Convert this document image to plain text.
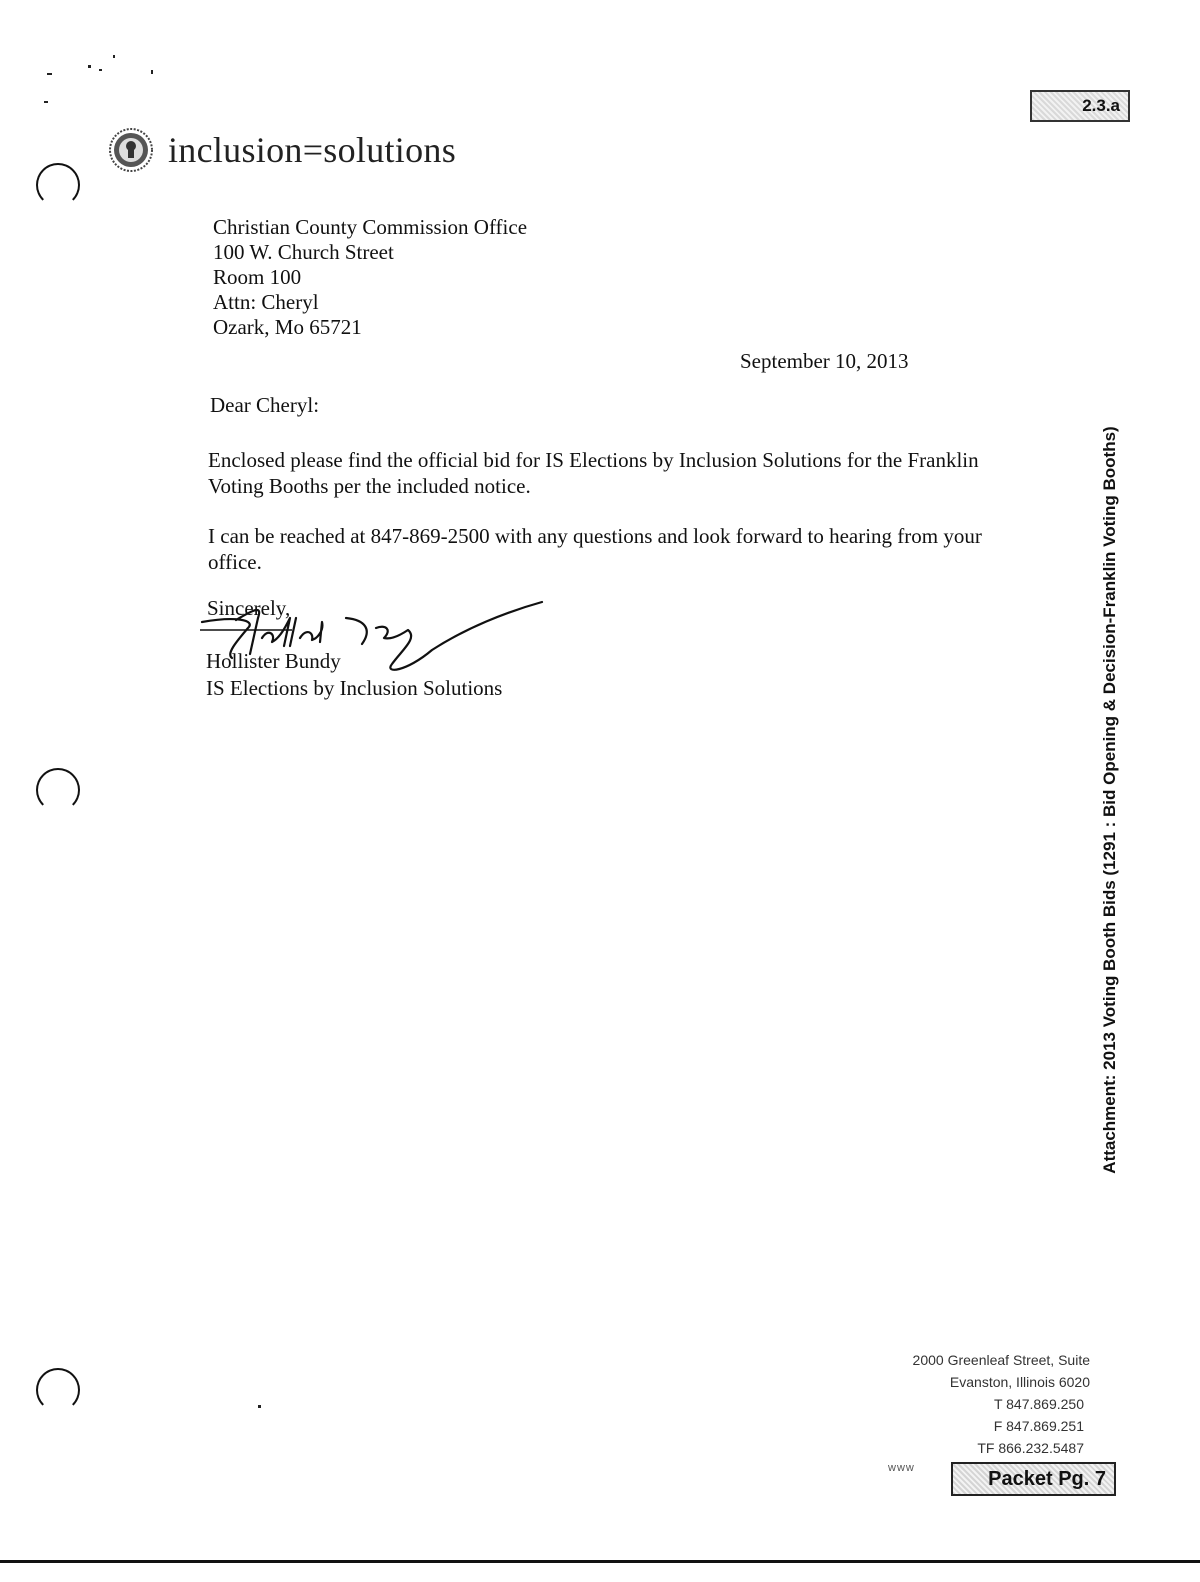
2.3.a
inclusion=solutions
Christian County Commission Office
100 W. Church Street
Room 100
Attn: Cheryl
Ozark, Mo 65721
September 10, 2013
Dear Cheryl:
Enclosed please find the official bid for IS Elections by Inclusion Solutions for the Franklin Voting Booths per the included notice.
I can be reached at 847-869-2500 with any questions and look forward to hearing from your office.
Sincerely,
Hollister Bundy
IS Elections by Inclusion Solutions	Attachment: 2013 Voting Booth Bids (1291 : Bid Opening & Decision-Franklin Voting Booths)
2000 Greenleaf Street, Suite
Evanston, Illinois 6020
T 847.869.250
F 847.869.251
TF 866.232.5487
www	Packet Pg. 7
